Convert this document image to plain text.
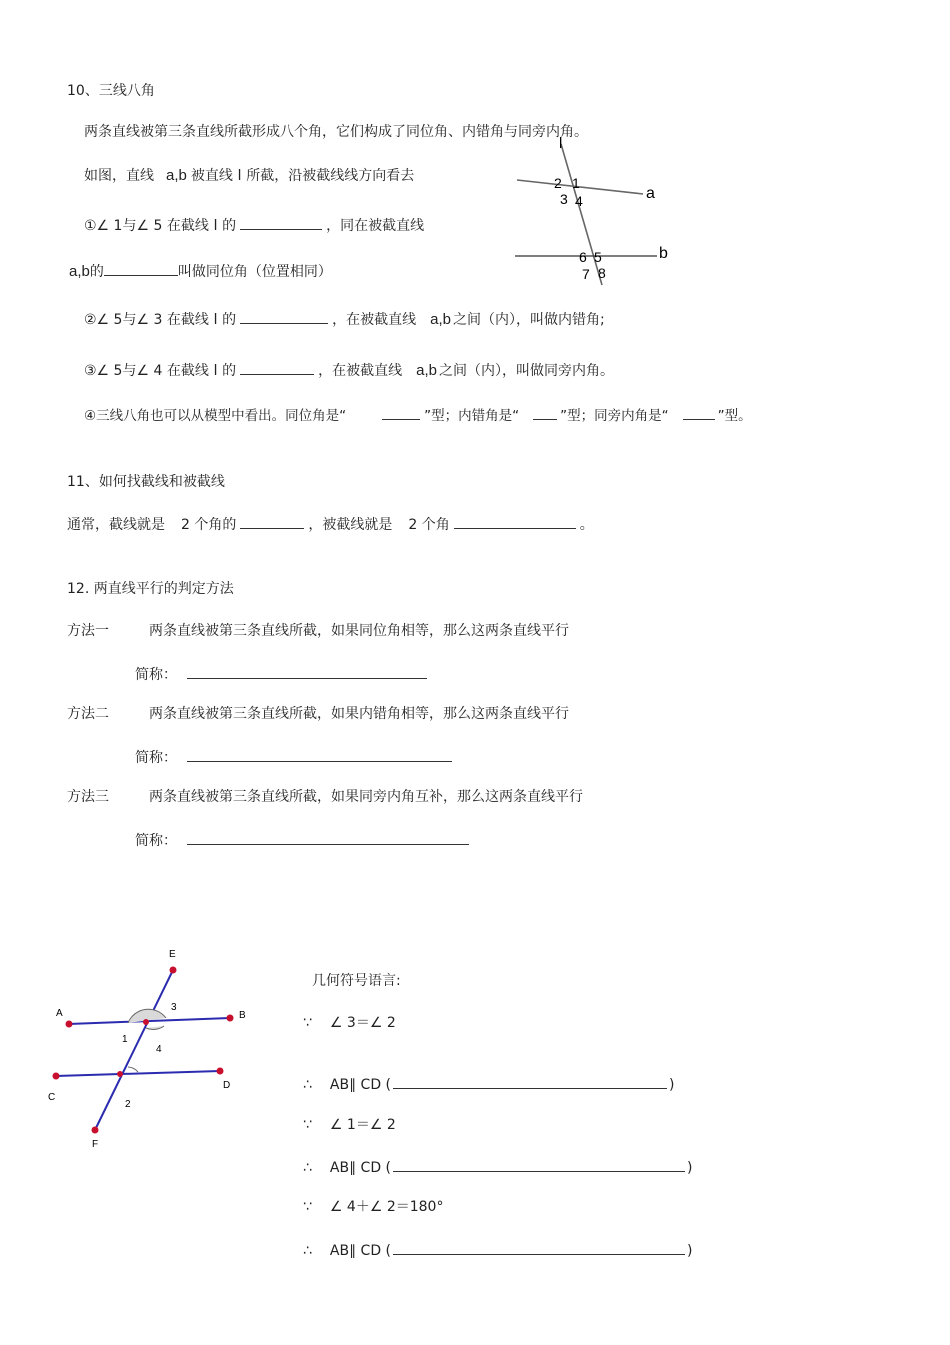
10、三线八角
两条直线被第三条直线所截形成八个角，它们构成了同位角、内错角与同旁内角。
如图，直线 a,b 被直线 l 所截，沿被截线线方向看去
①∠ 1与∠ 5 在截线 l 的	，同在被截直线
a,b的	叫做同位角（位置相同）
②∠ 5与∠ 3 在截线 l 的	，在被截直线 a,b 之间（内），叫做内错角;
③∠ 5与∠ 4 在截线 l 的	，在被截直线 a,b 之间（内），叫做同旁内角。
④三线八角也可以从模型中看出。同位角是“	”型；内错角是“	”型；同旁内角是“	”型。
l
a
b
1
2
3 4
5
6
7 8
11、如何找截线和被截线
通常，截线就是 2 个角的	，被截线就是 2 个角	。
12. 两直线平行的判定方法
方法一	两条直线被第三条直线所截，如果同位角相等，那么这两条直线平行
简称：
方法二	两条直线被第三条直线所截，如果内错角相等，那么这两条直线平行
简称：
方法三	两条直线被第三条直线所截，如果同旁内角互补，那么这两条直线平行
简称：
A	B
C
D
E
F
1
2
3
4
几何符号语言:
∵ ∠ 3＝∠ 2
∴ AB∥ CD (	)
∵ ∠ 1＝∠ 2
∴ AB∥ CD (	)
∵ ∠ 4＋∠ 2＝180°
∴ AB∥ CD (	)
